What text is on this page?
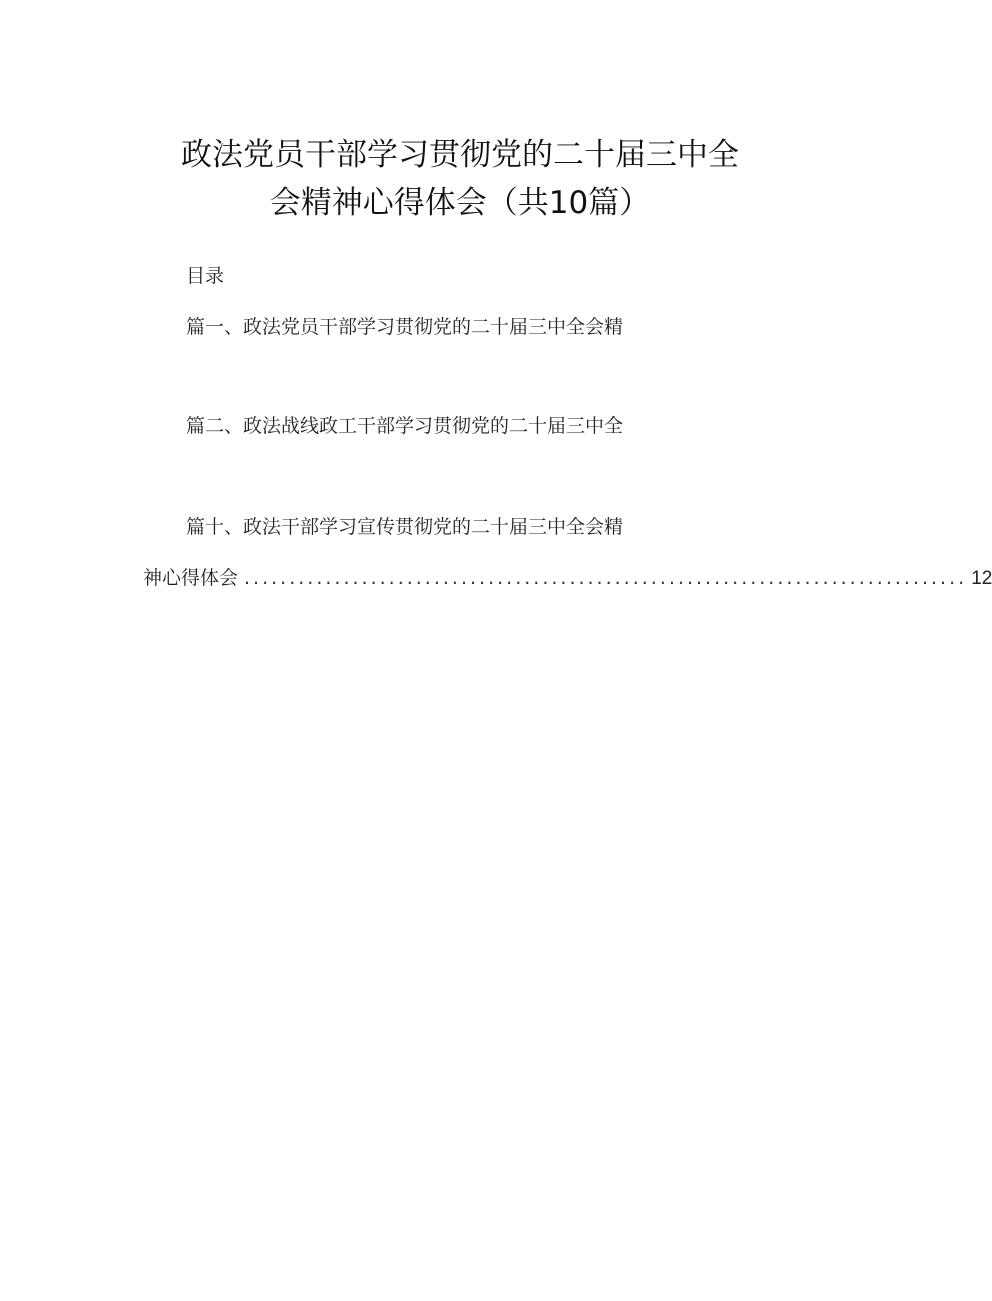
政法党员干部学习贯彻党的二十届三中全
会精神心得体会（共10篇）
目录
篇一、政法党员干部学习贯彻党的二十届三中全会精
篇二、政法战线政工干部学习贯彻党的二十届三中全
篇十、政法干部学习宣传贯彻党的二十届三中全会精
神心得体会 ................................................................................ 12
